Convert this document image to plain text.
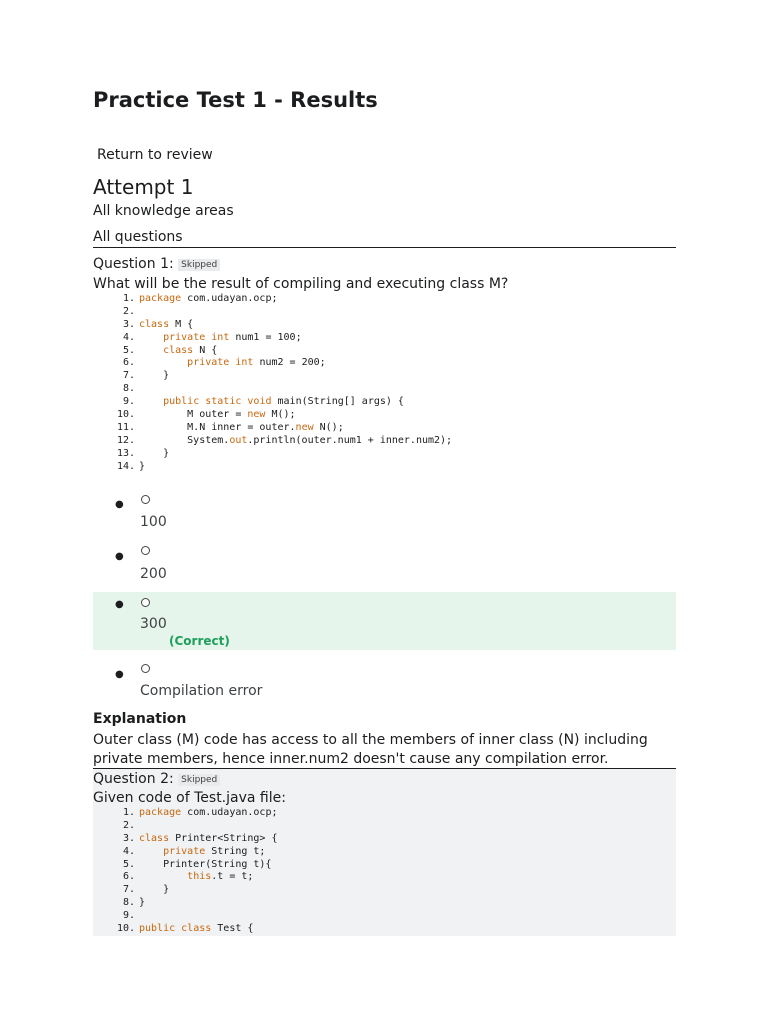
Practice Test 1 - Results
Return to review
Attempt 1
All knowledge areas
All questions
Question 1: Skipped
What will be the result of compiling and executing class M?
1. package com.udayan.ocp;
2.
3. class M {
4.	private int num1 = 100;
5.	class N {
6.	private int num2 = 200;
7.    }
8.
9.	public static void main(String[] args) {
10.        M outer = new M();
11.        M.N inner = outer.new N();
12.        System.out.println(outer.num1 + inner.num2);
13.    }
14. }
●
100
●
200
●
300
(Correct)
●
Compilation error
Explanation
Outer class (M) code has access to all the members of inner class (N) including private members, hence inner.num2 doesn't cause any compilation error.
Question 2: Skipped
Given code of Test.java file:
1. package com.udayan.ocp;
2.
3. class Printer<String> {
4.	private String t;
5.    Printer(String t){
6.	this.t = t;
7.    }
8. }
9.
10. public class Test {
